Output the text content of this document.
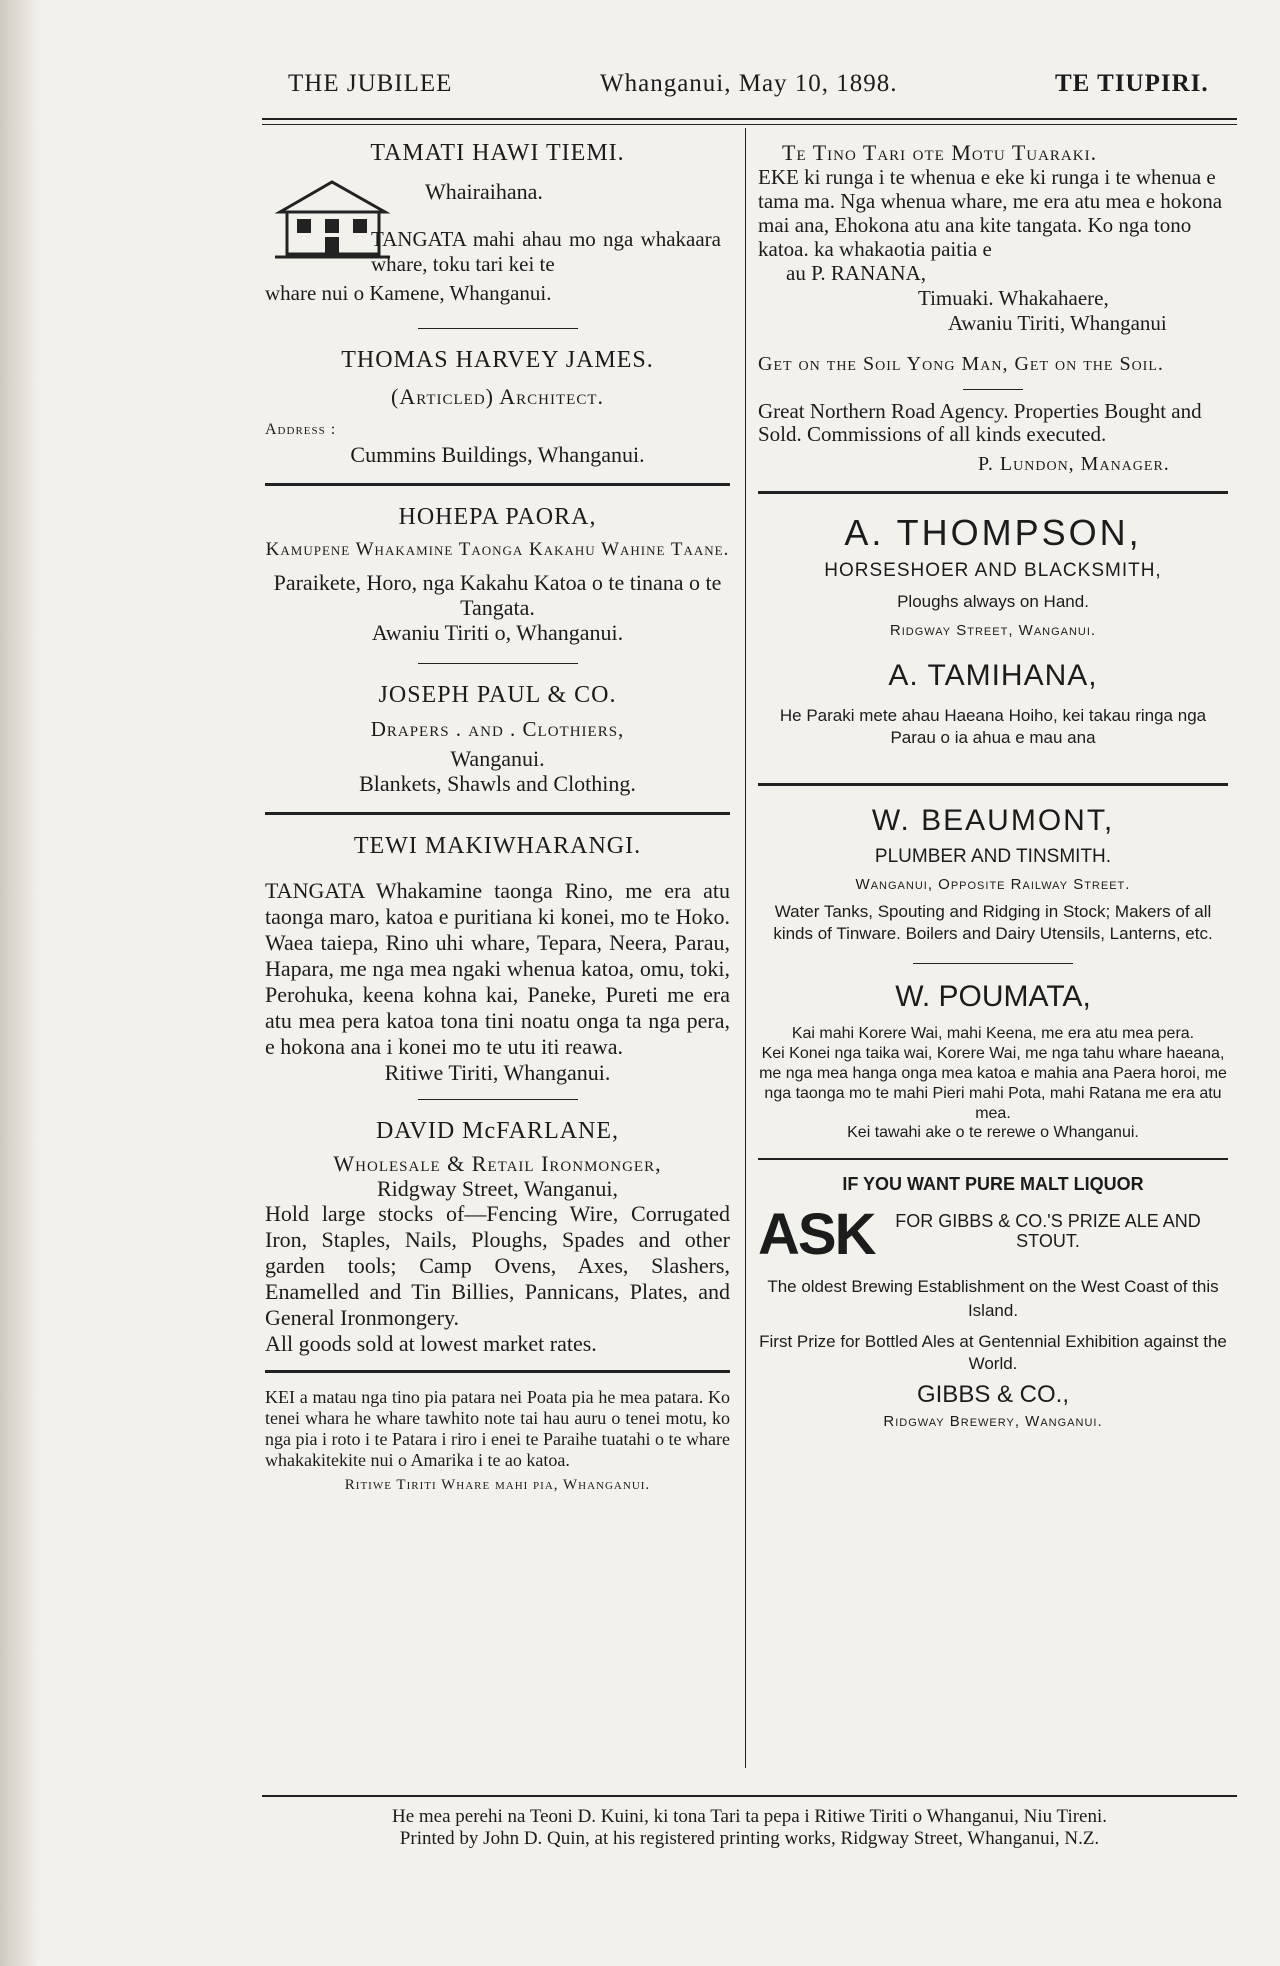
THE JUBILEE	Whanganui, May 10, 1898.	TE TIUPIRI.
TAMATI HAWI TIEMI.
Whairaihana.
TANGATA mahi ahau mo nga whakaara whare, toku tari kei te
whare nui o Kamene, Whanganui.
THOMAS HARVEY JAMES.
(Articled) Architect.
Address :
Cummins Buildings, Whanganui.
HOHEPA PAORA,
Kamupene Whakamine Taonga Kakahu Wahine Taane.
Paraikete, Horo, nga Kakahu Katoa o te tinana o te Tangata.
Awaniu Tiriti o, Whanganui.
JOSEPH PAUL & CO.
Drapers . and . Clothiers,
Wanganui.
Blankets, Shawls and Clothing.
TEWI MAKIWHARANGI.
TANGATA Whakamine taonga Rino, me era atu taonga maro, katoa e puritiana ki konei, mo te Hoko. Waea taiepa, Rino uhi whare, Tepara, Neera, Parau, Hapara, me nga mea ngaki whenua katoa, omu, toki, Perohuka, keena kohna kai, Paneke, Pureti me era atu mea pera katoa tona tini noatu onga ta nga pera, e hokona ana i konei mo te utu iti reawa.
Ritiwe Tiriti, Whanganui.
DAVID McFARLANE,
Wholesale & Retail Ironmonger,
Ridgway Street, Wanganui,
Hold large stocks of—Fencing Wire, Corrugated Iron, Staples, Nails, Ploughs, Spades and other garden tools; Camp Ovens, Axes, Slashers, Enamelled and Tin Billies, Pannicans, Plates, and General Ironmongery.
All goods sold at lowest market rates.
KEI a matau nga tino pia patara nei Poata pia he mea patara. Ko tenei whara he whare tawhito note tai hau auru o tenei motu, ko nga pia i roto i te Patara i riro i enei te Paraihe tuatahi o te whare whakakitekite nui o Amarika i te ao katoa.
Ritiwe Tiriti Whare mahi pia, Whanganui.
Te Tino Tari ote Motu Tuaraki.
EKE ki runga i te whenua e eke ki runga i te whenua e tama ma. Nga whenua whare, me era atu mea e hokona mai ana, Ehokona atu ana kite tangata. Ko nga tono katoa. ka whakaotia paitia e
au P. RANANA,
Timuaki. Whakahaere,
Awaniu Tiriti, Whanganui
Get on the Soil Yong Man, Get on the Soil.
Great Northern Road Agency. Properties Bought and Sold. Commissions of all kinds executed.
P. Lundon, Manager.
A. THOMPSON,
HORSESHOER AND BLACKSMITH,
Ploughs always on Hand.
Ridgway Street, Wanganui.
A. TAMIHANA,
He Paraki mete ahau Haeana Hoiho, kei takau ringa nga Parau o ia ahua e mau ana
W. BEAUMONT,
PLUMBER AND TINSMITH.
Wanganui, Opposite Railway Street.
Water Tanks, Spouting and Ridging in Stock; Makers of all kinds of Tinware. Boilers and Dairy Utensils, Lanterns, etc.
W. POUMATA,
Kai mahi Korere Wai, mahi Keena, me era atu mea pera.
Kei Konei nga taika wai, Korere Wai, me nga tahu whare haeana, me nga mea hanga onga mea katoa e mahia ana Paera horoi, me nga taonga mo te mahi Pieri mahi Pota, mahi Ratana me era atu mea.
Kei tawahi ake o te rerewe o Whanganui.
IF YOU WANT PURE MALT LIQUOR
ASK	FOR GIBBS & CO.'S PRIZE ALE AND STOUT.
The oldest Brewing Establishment on the West Coast of this Island.
First Prize for Bottled Ales at Gentennial Exhibition against the World.
GIBBS & CO.,
Ridgway Brewery, Wanganui.
He mea perehi na Teoni D. Kuini, ki tona Tari ta pepa i Ritiwe Tiriti o Whanganui, Niu Tireni.
Printed by John D. Quin, at his registered printing works, Ridgway Street, Whanganui, N.Z.
